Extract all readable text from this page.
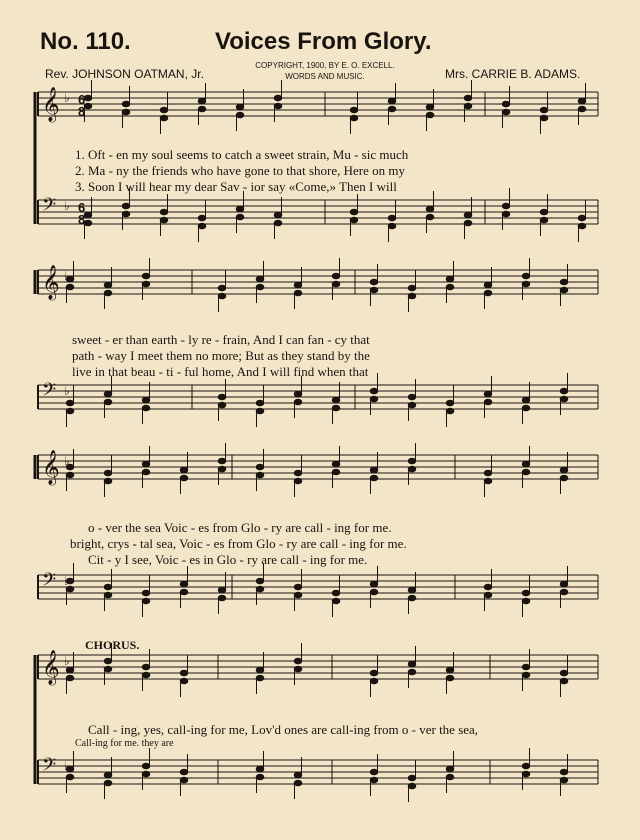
No. 110.	Voices From Glory.
COPYRIGHT, 1900, BY E. O. EXCELL.
WORDS AND MUSIC.
Rev. JOHNSON OATMAN, Jr.	Mrs. CARRIE B. ADAMS.
𝄞 ♭ 6
8
𝄢 ♭ 6
8
𝄞 ♭
𝄢 ♭
𝄞 ♭
𝄢 ♭
𝄞 ♭
𝄢 ♭
1. Oft - en my soul seems to catch a sweet strain, Mu - sic much
2. Ma - ny the friends who have gone to that shore, Here on my
3. Soon I will hear my dear Sav - ior say «Come,» Then I will
sweet - er than earth - ly re - frain, And I can fan - cy that
path - way I meet them no more; But as they stand by the
live in that beau - ti - ful home, And I will find when that
o - ver the sea Voic - es from Glo - ry are call - ing for me.
bright, crys - tal sea, Voic - es from Glo - ry are call - ing for me.
Cit - y I see, Voic - es in Glo - ry are call - ing for me.
CHORUS.
Call - ing, yes, call-ing for me, Lov'd ones are call-ing from o - ver the sea,
Call-ing for me. they are
